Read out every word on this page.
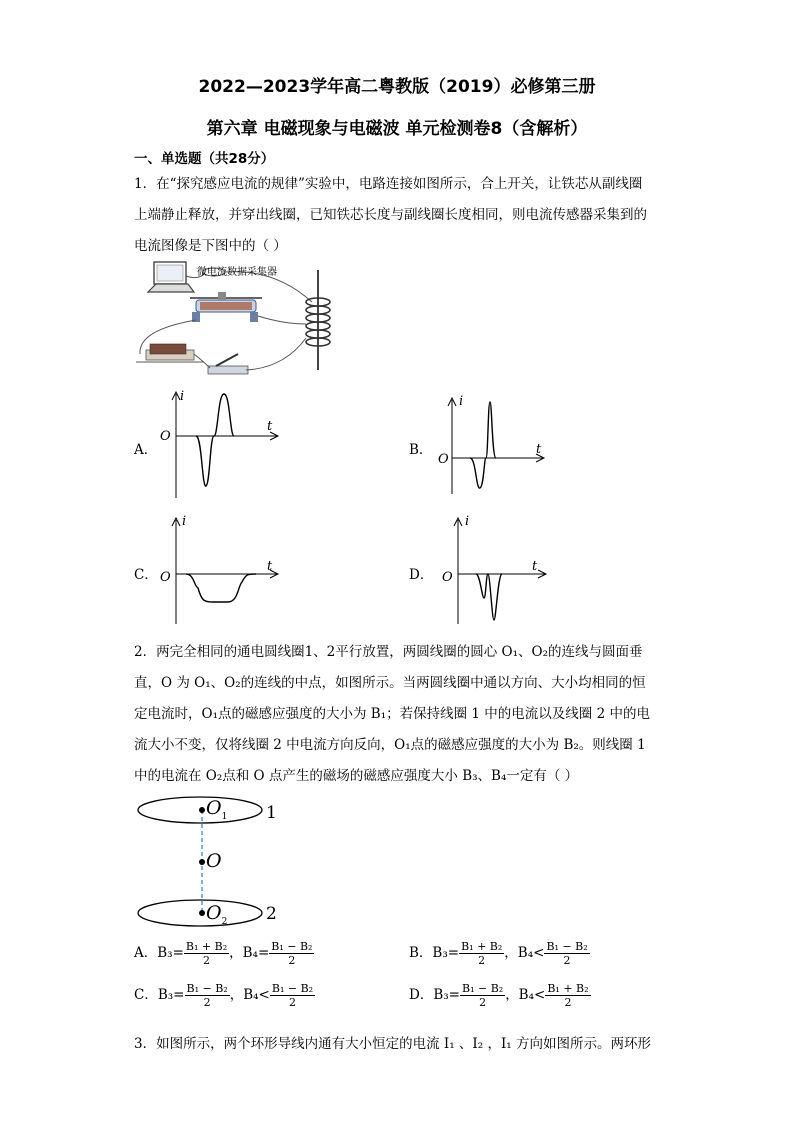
2022—2023学年高二粤教版（2019）必修第三册
第六章 电磁现象与电磁波 单元检测卷8（含解析）
一、单选题（共28分）
1．在“探究感应电流的规律”实验中，电路连接如图所示，合上开关，让铁芯从副线圈
上端静止释放，并穿出线圈，已知铁芯长度与副线圈长度相同，则电流传感器采集到的
电流图像是下图中的（ ）
微电流数据采集器
A．
i
t
O
B．
i
t
O
C．
i
t
O	D．
i
t
O
2．两完全相同的通电圆线圈1、2平行放置，两圆线圈的圆心 O₁、O₂的连线与圆面垂
直，O 为 O₁、O₂的连线的中点，如图所示。当两圆线圈中通以方向、大小均相同的恒
定电流时，O₁点的磁感应强度的大小为 B₁；若保持线圈 1 中的电流以及线圈 2 中的电
流大小不变，仅将线圈 2 中电流方向反向，O₁点的磁感应强度的大小为 B₂。则线圈 1
中的电流在 O₂点和 O 点产生的磁场的磁感应强度大小 B₃、B₄一定有（ ）
$O_1$
O
$O_2$
1
2
A．$B_3= \frac{\text{B₁ + B₂}}{2}$ ，$B_4= \frac{\text{B₁ − B₂}}{2}$	B．$B_3= \frac{\text{B₁ + B₂}}{2}$ ，$B_4< \frac{\text{B₁ − B₂}}{2}$
C．$B_3= \frac{\text{B₁ − B₂}}{2}$ ，$B_4< \frac{\text{B₁ − B₂}}{2}$	D．$B_3= \frac{\text{B₁ − B₂}}{2}$ ，$B_4< \frac{\text{B₁ + B₂}}{2}$
3．如图所示，两个环形导线内通有大小恒定的电流 I₁ 、I₂ ，I₁ 方向如图所示。两环形
